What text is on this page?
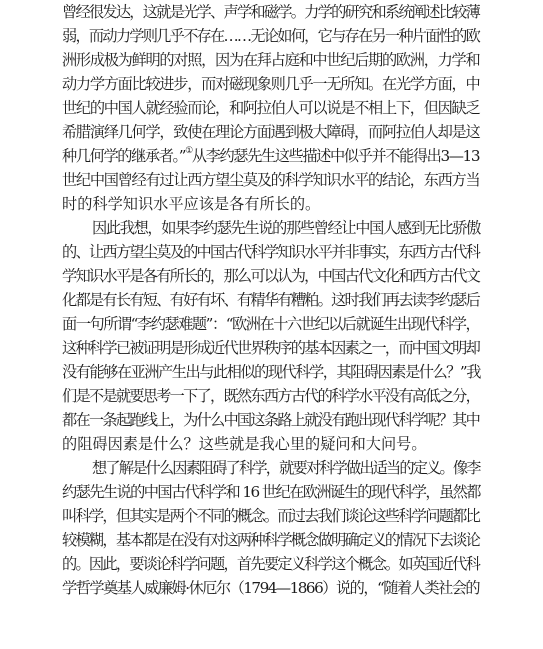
曾经很发达，这就是光学、声学和磁学。力学的研究和系统阐述比较薄
弱，而动力学则几乎不存在……无论如何，它与存在另一种片面性的欧
洲形成极为鲜明的对照，因为在拜占庭和中世纪后期的欧洲，力学和
动力学方面比较进步，而对磁现象则几乎一无所知。在光学方面，中
世纪的中国人就经验而论，和阿拉伯人可以说是不相上下，但因缺乏
希腊演绎几何学，致使在理论方面遇到极大障碍，而阿拉伯人却是这
种几何学的继承者。”①从李约瑟先生这些描述中似乎并不能得出3—13
世纪中国曾经有过让西方望尘莫及的科学知识水平的结论，东西方当
时的科学知识水平应该是各有所长的。
因此我想，如果李约瑟先生说的那些曾经让中国人感到无比骄傲
的、让西方望尘莫及的中国古代科学知识水平并非事实，东西方古代科
学知识水平是各有所长的，那么可以认为，中国古代文化和西方古代文
化都是有长有短、有好有坏、有精华有糟粕。这时我们再去读李约瑟后
面一句所谓“李约瑟难题”：“欧洲在十六世纪以后就诞生出现代科学，
这种科学已被证明是形成近代世界秩序的基本因素之一，而中国文明却
没有能够在亚洲产生出与此相似的现代科学，其阻碍因素是什么？”我
们是不是就要思考一下了，既然东西方古代的科学水平没有高低之分，
都在一条起跑线上，为什么中国这条路上就没有跑出现代科学呢？其中
的阻碍因素是什么？这些就是我心里的疑问和大问号。
想了解是什么因素阻碍了科学，就要对科学做出适当的定义。像李
约瑟先生说的中国古代科学和 16 世纪在欧洲诞生的现代科学，虽然都
叫科学，但其实是两个不同的概念。而过去我们谈论这些科学问题都比
较模糊，基本都是在没有对这两种科学概念做明确定义的情况下去谈论
的。因此，要谈论科学问题，首先要定义科学这个概念。如英国近代科
学哲学奠基人威廉姆·休厄尔（1794—1866）说的，“随着人类社会的
